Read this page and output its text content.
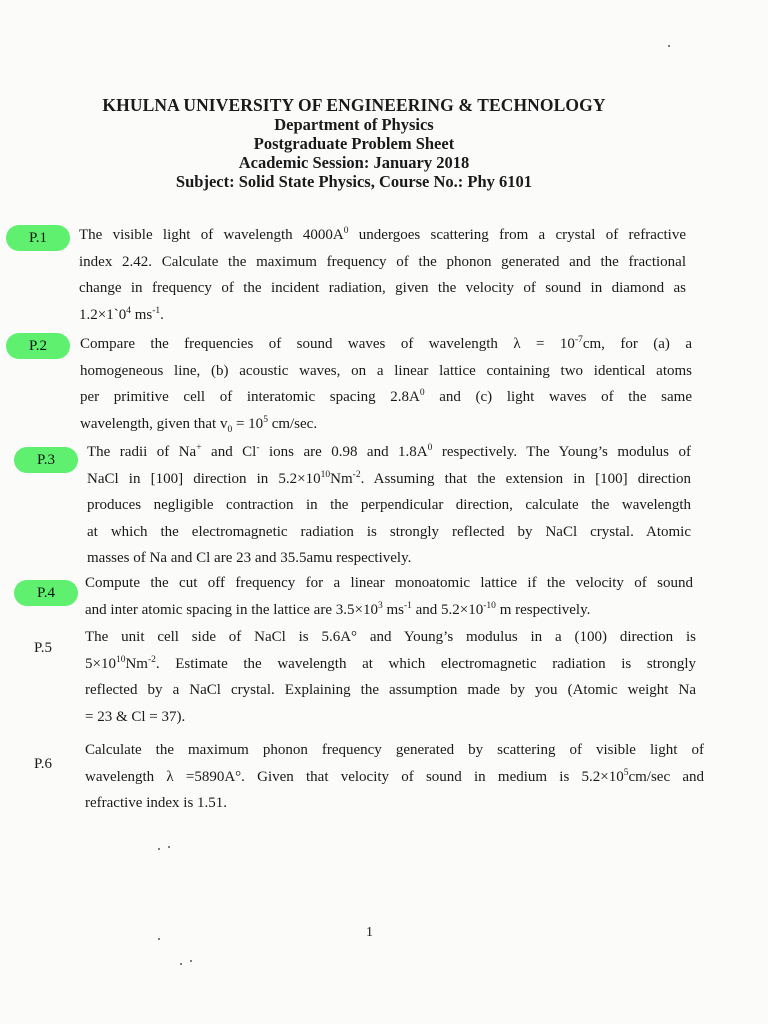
KHULNA UNIVERSITY OF ENGINEERING & TECHNOLOGY
Department of Physics
Postgraduate Problem Sheet
Academic Session: January 2018
Subject: Solid State Physics, Course No.: Phy 6101
P.1	The visible light of wavelength $4000A^0$ undergoes scattering from a crystal of refractive
index 2.42. Calculate the maximum frequency of the phonon generated and the fractional
change in frequency of the incident radiation, given the velocity of sound in diamond as
$1.2\times 1`0^4$ $ms^{-1}$.
P.2	Compare the frequencies of sound waves of wavelength $\lambda = 10^{-7}cm$, for (a) a
homogeneous line, (b) acoustic waves, on a linear lattice containing two identical atoms
per primitive cell of interatomic spacing $2.8A^0$ and (c) light waves of the same
wavelength, given that $v_0 = 10^5$ cm/sec.
P.3	The radii of Na+ and Cl- ions are 0.98 and $1.8A^0$ respectively. The Young’s modulus of
NaCl in [100] direction in $5.2\times 10^{10}Nm^{-2}$. Assuming that the extension in [100] direction
produces negligible contraction in the perpendicular direction, calculate the wavelength
at which the electromagnetic radiation is strongly reflected by NaCl crystal. Atomic
masses of Na and Cl are 23 and 35.5amu respectively.
P.4
Compute the cut off frequency for a linear monoatomic lattice if the velocity of sound
and inter atomic spacing in the lattice are $3.5\times 10^3$ $ms^{-1}$ and $5.2\times 10^{-10}$ m respectively.
P.5
The unit cell side of NaCl is 5.6A° and Young’s modulus in a (100) direction is
$5\times 10^{10}Nm^{-2}$. Estimate the wavelength at which electromagnetic radiation is strongly
reflected by a NaCl crystal. Explaining the assumption made by you (Atomic weight Na
= 23 & Cl = 37).
P.6
Calculate the maximum phonon frequency generated by scattering of visible light of
wavelength λ =5890A°. Given that velocity of sound in medium is $5.2\times 10^5cm/\sec$ and
refractive index is 1.51.
1
